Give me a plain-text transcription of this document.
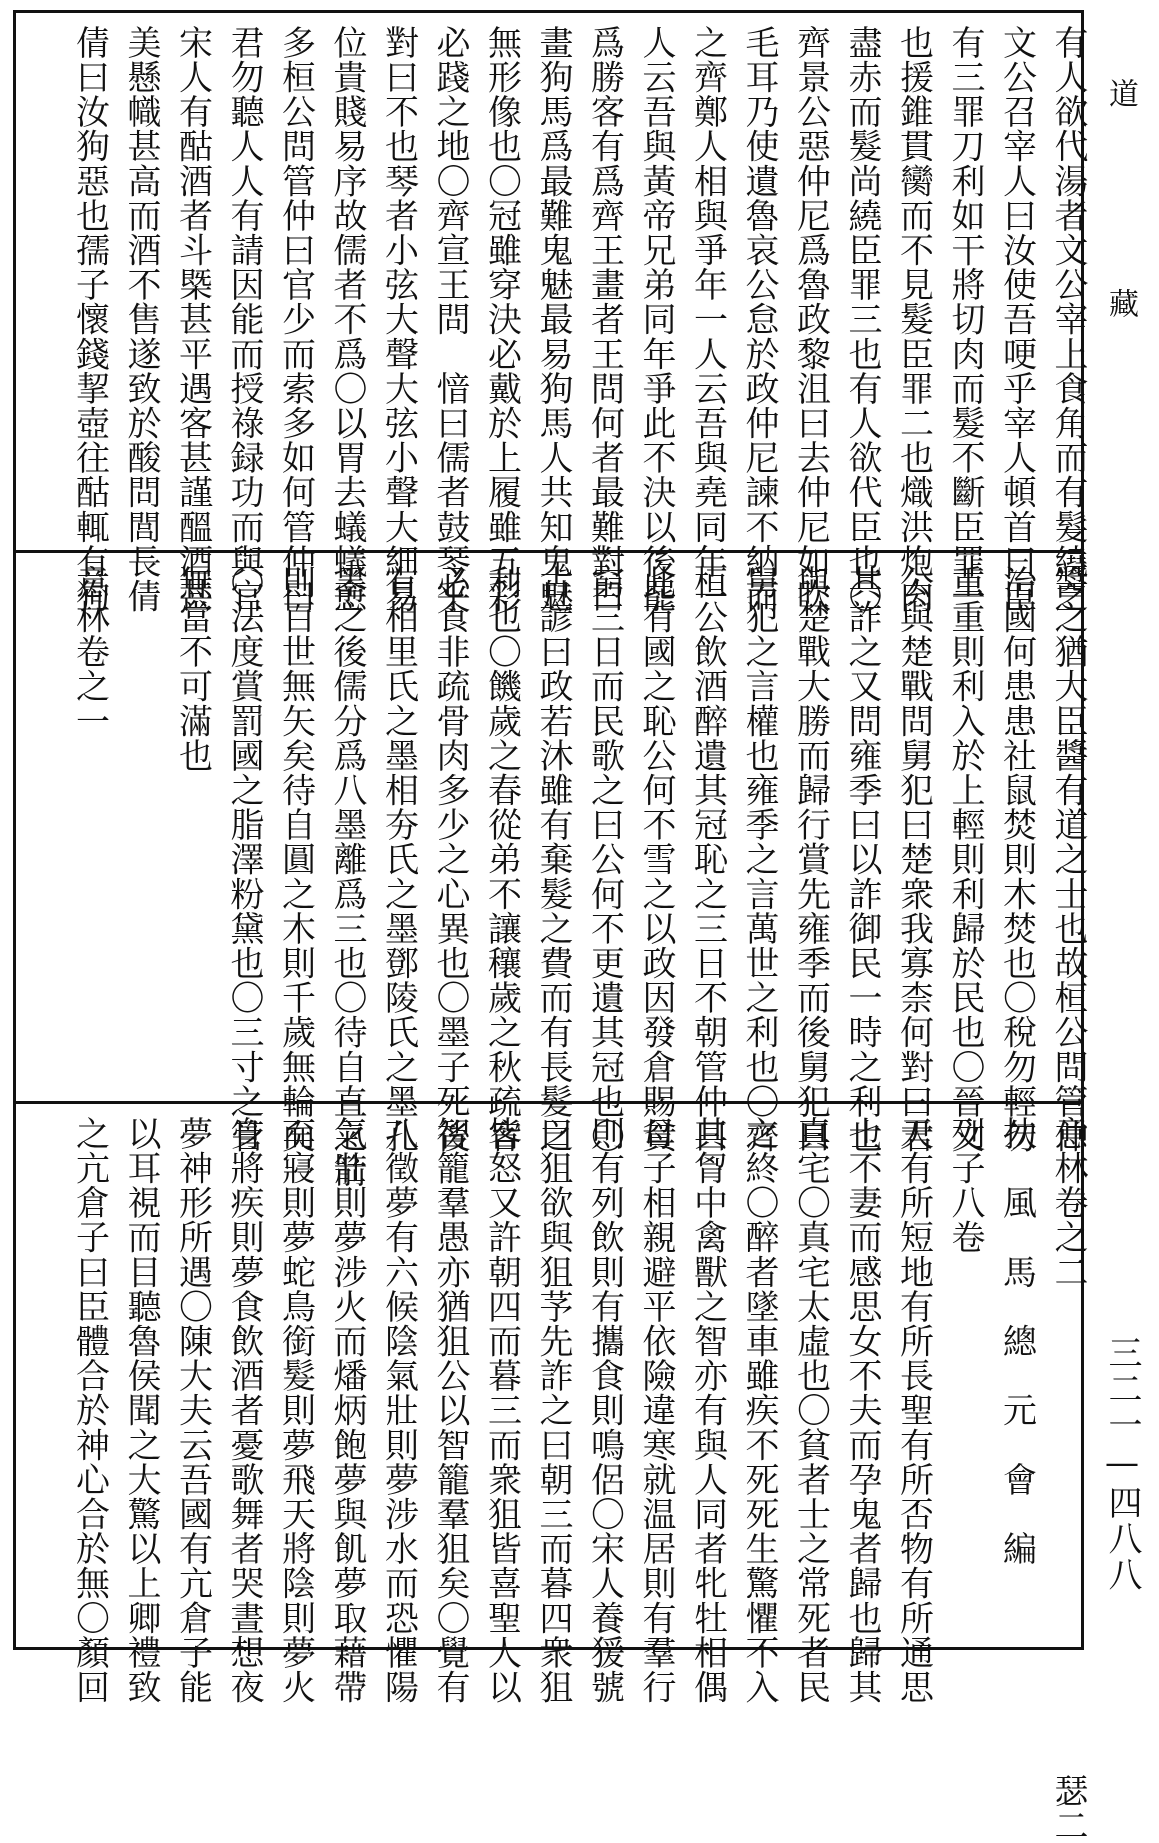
有人欲代湯者文公宰上食角而有髮繞之
文公召宰人曰汝使吾哽乎宰人頓首曰臣
有三罪刀利如干將切肉而髮不斷臣罪一
也援錐貫臠而不見髮臣罪二也熾洪炮肉
盡赤而髮尚繞臣罪三也有人欲代臣也〇
齊景公惡仲尼爲魯政黎沮曰去仲尼如吹
毛耳乃使遺魯哀公怠於政仲尼諫不納而
之齊鄭人相與爭年一人云吾與堯同年一
人云吾與黃帝兄弟同年爭此不決以後罷
爲勝客有爲齊王畫者王問何者最難對曰
畫狗馬爲最難鬼魅最易狗馬人共知鬼魅
無形像也〇冠雖穿決必戴於上履雖五彩
必踐之地〇齊宣王問　愔曰儒者鼓琴乎
對曰不也琴者小弦大聲大弦小聲大細易
位貴賤易序故儒者不爲〇以胃去蟻蟻愈
多桓公問管仲曰官少而索多如何管仲曰
君勿聽人人有請因能而授祿録功而與官
宋人有酤酒者斗槩甚平遇客甚謹醞酒甚
美懸幟甚高而酒不售遂致於酸問閭長倩
倩曰汝狗惡也孺子懷錢挈壺往酤輒有狗
醬之猶大臣醬有道之士也故桓公問管仲
治國何患患社鼠焚則木焚也〇稅勿輕勿
重重則利入於上輕則利歸於民也〇晉文
公與楚戰問舅犯曰楚衆我寡柰何對曰君
其詐之又問雍季曰以詐御民一時之利也
與楚戰大勝而歸行賞先雍季而後舅犯曰
舅犯之言權也雍季之言萬世之利也〇齊
桓公飲酒醉遺其冠恥之三日不朝管仲曰
此有國之恥公何不雪之以政因發倉賜貧
窮三日而民歌之曰公何不更遺其冠也〇
古諺曰政若沐雖有棄髮之費而有長髮之
利也〇饑歲之春從弟不讓穰歲之秋疏客
必食非疏骨肉多少之心異也〇墨子死後
有相里氏之墨相夯氏之墨鄧陵氏之墨孔
墨之後儒分爲八墨離爲三也〇待自直之箭
則百世無矢矣待自圓之木則千歲無輪矣
〇法度賞罰國之脂澤粉黛也〇三寸之管
無當不可滿也
意林卷之一
意林卷之二　　　　　　　　　　　　　　瑟二
扶　風　馬　總　元　會　編
列子八卷
天有所短地有所長聖有所否物有所通思
士不妻而感思女不夫而孕鬼者歸也歸其
真宅〇真宅太虛也〇貧者士之常死者民
之終〇醉者墜車雖疾不死死生驚懼不入
其胷中禽獸之智亦有與人同者牝牡相偶
母子相親避平依險違寒就温居則有羣行
則有列飲則有攜食則鳴侶〇宋人養猨號
曰狙欲與狙芧先詐之曰朝三而暮四衆狙
皆怒又許朝四而暮三而衆狙皆喜聖人以
智籠羣愚亦猶狙公以智籠羣狙矣〇覺有
八徵夢有六候陰氣壯則夢涉水而恐懼陽
氣壯則夢涉火而燔炳飽夢與飢夢取藉帶
而寢則夢蛇鳥銜髮則夢飛天將陰則夢火
身將疾則夢食飲酒者憂歌舞者哭晝想夜
夢神形所遇〇陳大夫云吾國有亢倉子能
以耳視而目聽魯侯聞之大驚以上卿禮致
之亢倉子曰臣體合於神心合於無〇顏回
道藏
三二一—四八八
